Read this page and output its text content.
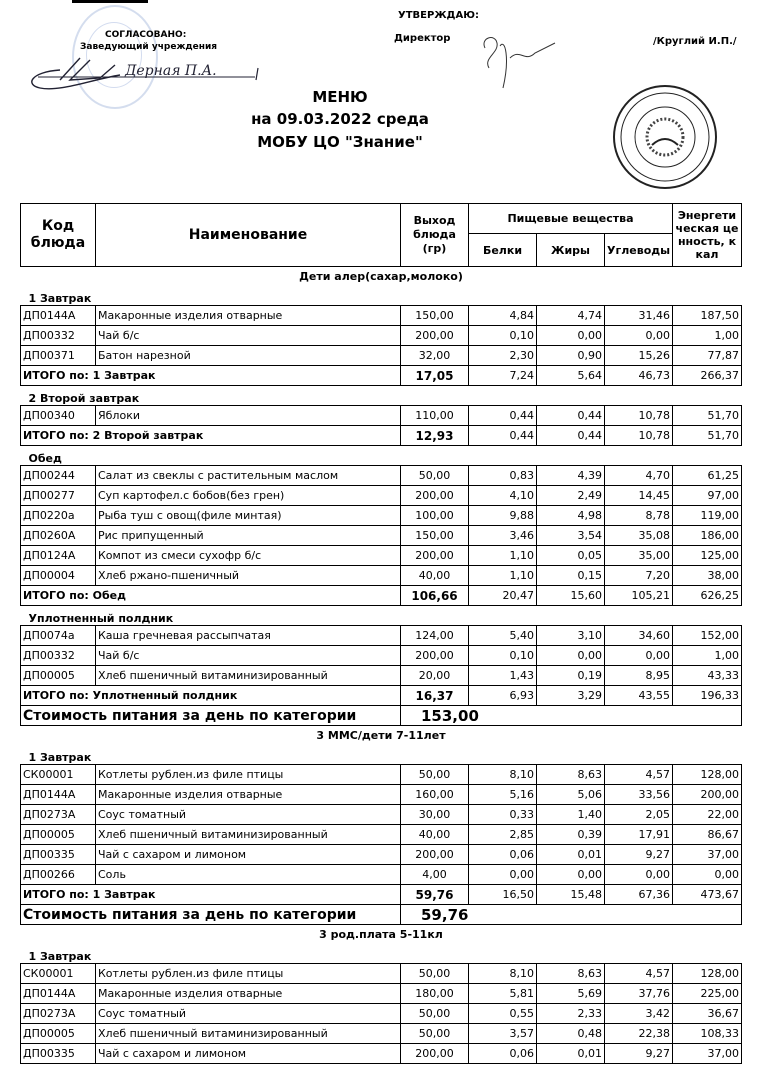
СОГЛАСОВАНО:
Заведующий учреждения
Дерная П.А.
УТВЕРЖДАЮ:
Директор	/Круглий И.П./
МЕНЮ
на 09.03.2022 среда
МОБУ ЦО "Знание"
Код блюда	Наименование	Выход блюда (гр)	Пищевые вещества			Энергетическая ценность, ккал
			Белки	Жиры	Углеводы	
Дети алер(сахар,молоко)						
1 Завтрак						
ДП0144А	Макаронные изделия отварные	150,00	4,84	4,74	31,46	187,50
ДП00332	Чай б/с	200,00	0,10	0,00	0,00	1,00
ДП00371	Батон нарезной	32,00	2,30	0,90	15,26	77,87
ИТОГО по: 1 Завтрак		17,05	7,24	5,64	46,73	266,37
2 Второй завтрак						
ДП00340	Яблоки	110,00	0,44	0,44	10,78	51,70
ИТОГО по: 2 Второй завтрак		12,93	0,44	0,44	10,78	51,70
Обед						
ДП00244	Салат из свеклы с растительным маслом	50,00	0,83	4,39	4,70	61,25
ДП00277	Суп картофел.с бобов(без грен)	200,00	4,10	2,49	14,45	97,00
ДП0220а	Рыба туш с овощ(филе минтая)	100,00	9,88	4,98	8,78	119,00
ДП0260А	Рис припущенный	150,00	3,46	3,54	35,08	186,00
ДП0124А	Компот из смеси сухофр б/с	200,00	1,10	0,05	35,00	125,00
ДП00004	Хлеб ржано-пшеничный	40,00	1,10	0,15	7,20	38,00
ИТОГО по: Обед		106,66	20,47	15,60	105,21	626,25
Уплотненный полдник						
ДП0074а	Каша гречневая рассыпчатая	124,00	5,40	3,10	34,60	152,00
ДП00332	Чай б/с	200,00	0,10	0,00	0,00	1,00
ДП00005	Хлеб пшеничный витаминизированный	20,00	1,43	0,19	8,95	43,33
ИТОГО по: Уплотненный полдник		16,37	6,93	3,29	43,55	196,33
Стоимость питания за день по категории		153,00				
3 ММС/дети 7-11лет						
1 Завтрак						
СК00001	Котлеты рублен.из филе птицы	50,00	8,10	8,63	4,57	128,00
ДП0144А	Макаронные изделия отварные	160,00	5,16	5,06	33,56	200,00
ДП0273А	Соус томатный	30,00	0,33	1,40	2,05	22,00
ДП00005	Хлеб пшеничный витаминизированный	40,00	2,85	0,39	17,91	86,67
ДП00335	Чай с сахаром и лимоном	200,00	0,06	0,01	9,27	37,00
ДП00266	Соль	4,00	0,00	0,00	0,00	0,00
ИТОГО по: 1 Завтрак		59,76	16,50	15,48	67,36	473,67
Стоимость питания за день по категории		59,76				
3 род.плата 5-11кл						
1 Завтрак						
СК00001	Котлеты рублен.из филе птицы	50,00	8,10	8,63	4,57	128,00
ДП0144А	Макаронные изделия отварные	180,00	5,81	5,69	37,76	225,00
ДП0273А	Соус томатный	50,00	0,55	2,33	3,42	36,67
ДП00005	Хлеб пшеничный витаминизированный	50,00	3,57	0,48	22,38	108,33
ДП00335	Чай с сахаром и лимоном	200,00	0,06	0,01	9,27	37,00
